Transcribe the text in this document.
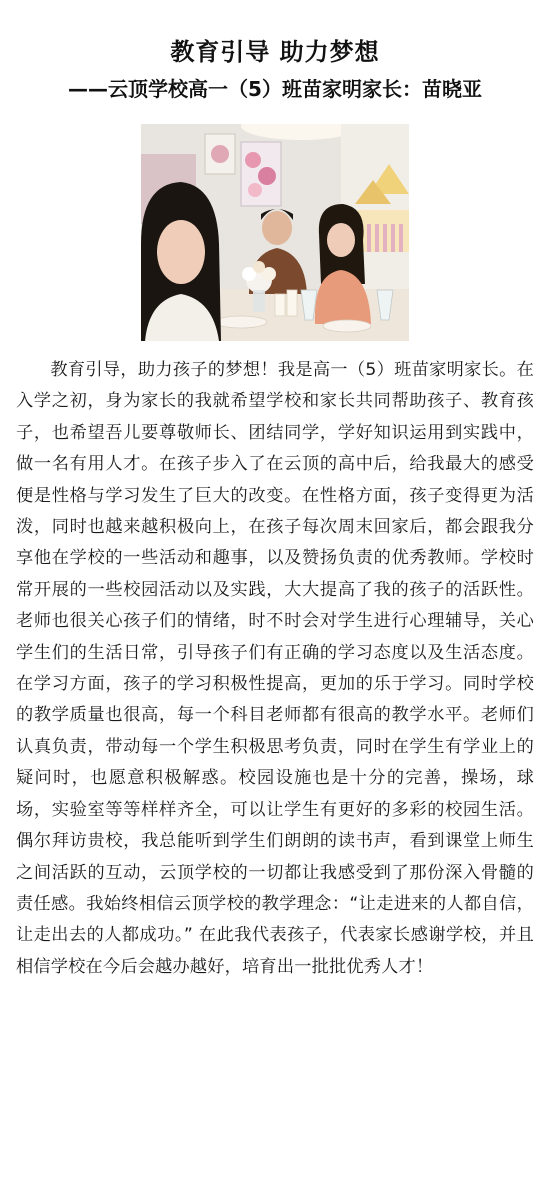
教育引导 助力梦想
——云顶学校高一（5）班苗家明家长：苗晓亚

教育引导，助力孩子的梦想！我是高一（5）班苗家明家长。在入学之初，身为家长的我就希望学校和家长共同帮助孩子、教育孩子，也希望吾儿要尊敬师长、团结同学，学好知识运用到实践中，做一名有用人才。在孩子步入了在云顶的高中后，给我最大的感受便是性格与学习发生了巨大的改变。在性格方面，孩子变得更为活泼，同时也越来越积极向上，在孩子每次周末回家后，都会跟我分享他在学校的一些活动和趣事，以及赞扬负责的优秀教师。学校时常开展的一些校园活动以及实践，大大提高了我的孩子的活跃性。老师也很关心孩子们的情绪，时不时会对学生进行心理辅导，关心学生们的生活日常，引导孩子们有正确的学习态度以及生活态度。在学习方面，孩子的学习积极性提高，更加的乐于学习。同时学校的教学质量也很高，每一个科目老师都有很高的教学水平。老师们认真负责，带动每一个学生积极思考负责，同时在学生有学业上的疑问时，也愿意积极解惑。校园设施也是十分的完善，操场，球场，实验室等等样样齐全，可以让学生有更好的多彩的校园生活。偶尔拜访贵校，我总能听到学生们朗朗的读书声，看到课堂上师生之间活跃的互动，云顶学校的一切都让我感受到了那份深入骨髓的责任感。我始终相信云顶学校的教学理念：“让走进来的人都自信，让走出去的人都成功。” 在此我代表孩子，代表家长感谢学校，并且相信学校在今后会越办越好，培育出一批批优秀人才！
